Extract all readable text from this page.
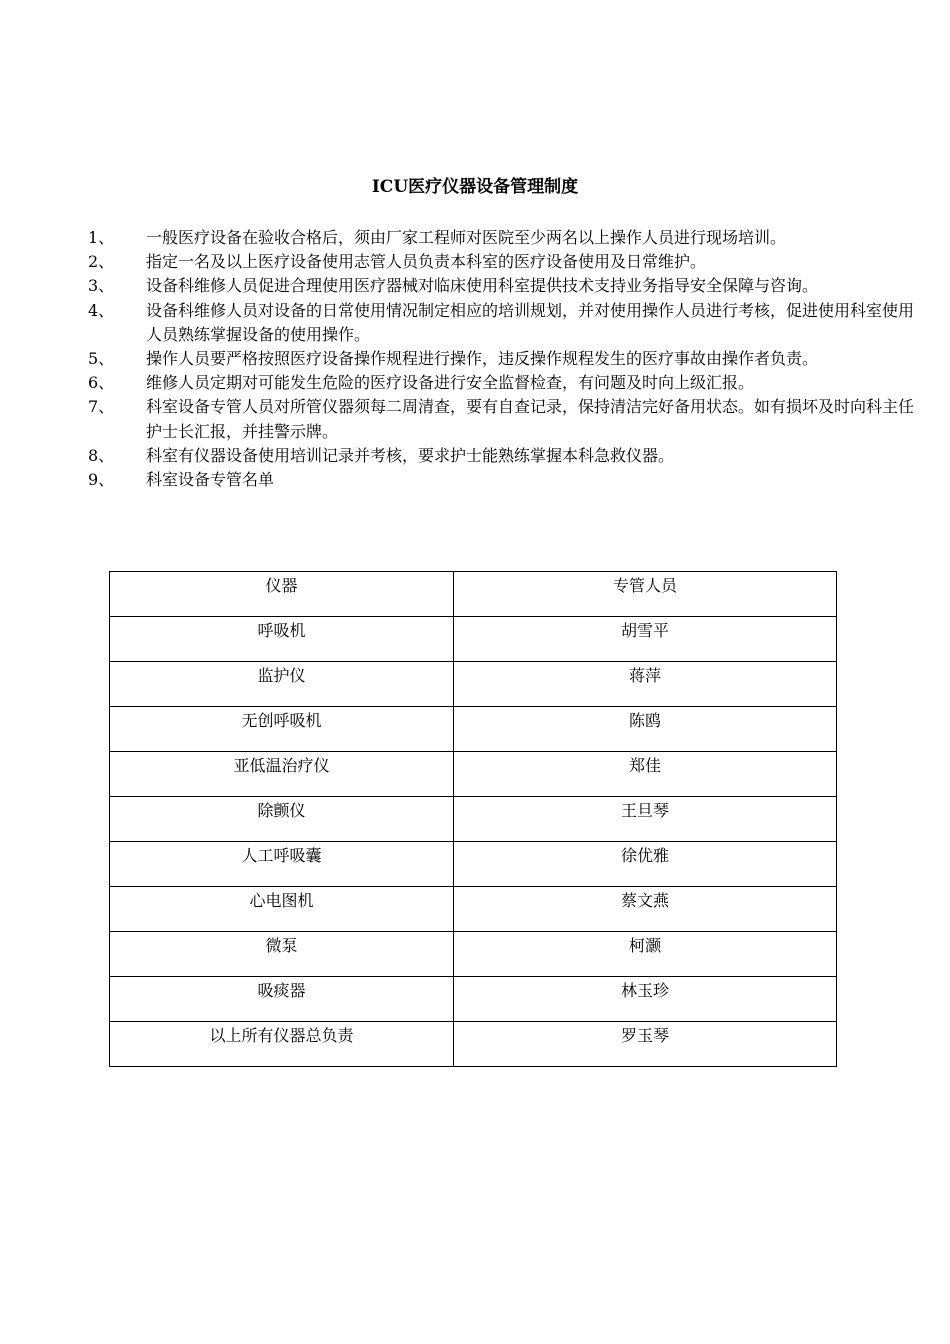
ICU医疗仪器设备管理制度
1、	一般医疗设备在验收合格后，须由厂家工程师对医院至少两名以上操作人员进行现场培训。
2、	指定一名及以上医疗设备使用志管人员负责本科室的医疗设备使用及日常维护。
3、	设备科维修人员促进合理使用医疗器械对临床使用科室提供技术支持业务指导安全保障与咨询。
4、	设备科维修人员对设备的日常使用情况制定相应的培训规划，并对使用操作人员进行考核，促进使用科室使用人员熟练掌握设备的使用操作。
5、	操作人员要严格按照医疗设备操作规程进行操作，违反操作规程发生的医疗事故由操作者负责。
6、	维修人员定期对可能发生危险的医疗设备进行安全监督检查，有问题及时向上级汇报。
7、	科室设备专管人员对所管仪器须每二周清查，要有自查记录，保持清洁完好备用状态。如有损坏及时向科主任护士长汇报，并挂警示牌。
8、	科室有仪器设备使用培训记录并考核，要求护士能熟练掌握本科急救仪器。
9、	科室设备专管名单
仪器	专管人员
呼吸机	胡雪平
监护仪	蒋萍
无创呼吸机	陈鸥
亚低温治疗仪	郑佳
除颤仪	王旦琴
人工呼吸囊	徐优雅
心电图机	蔡文燕
微泵	柯灏
吸痰器	林玉珍
以上所有仪器总负责	罗玉琴
